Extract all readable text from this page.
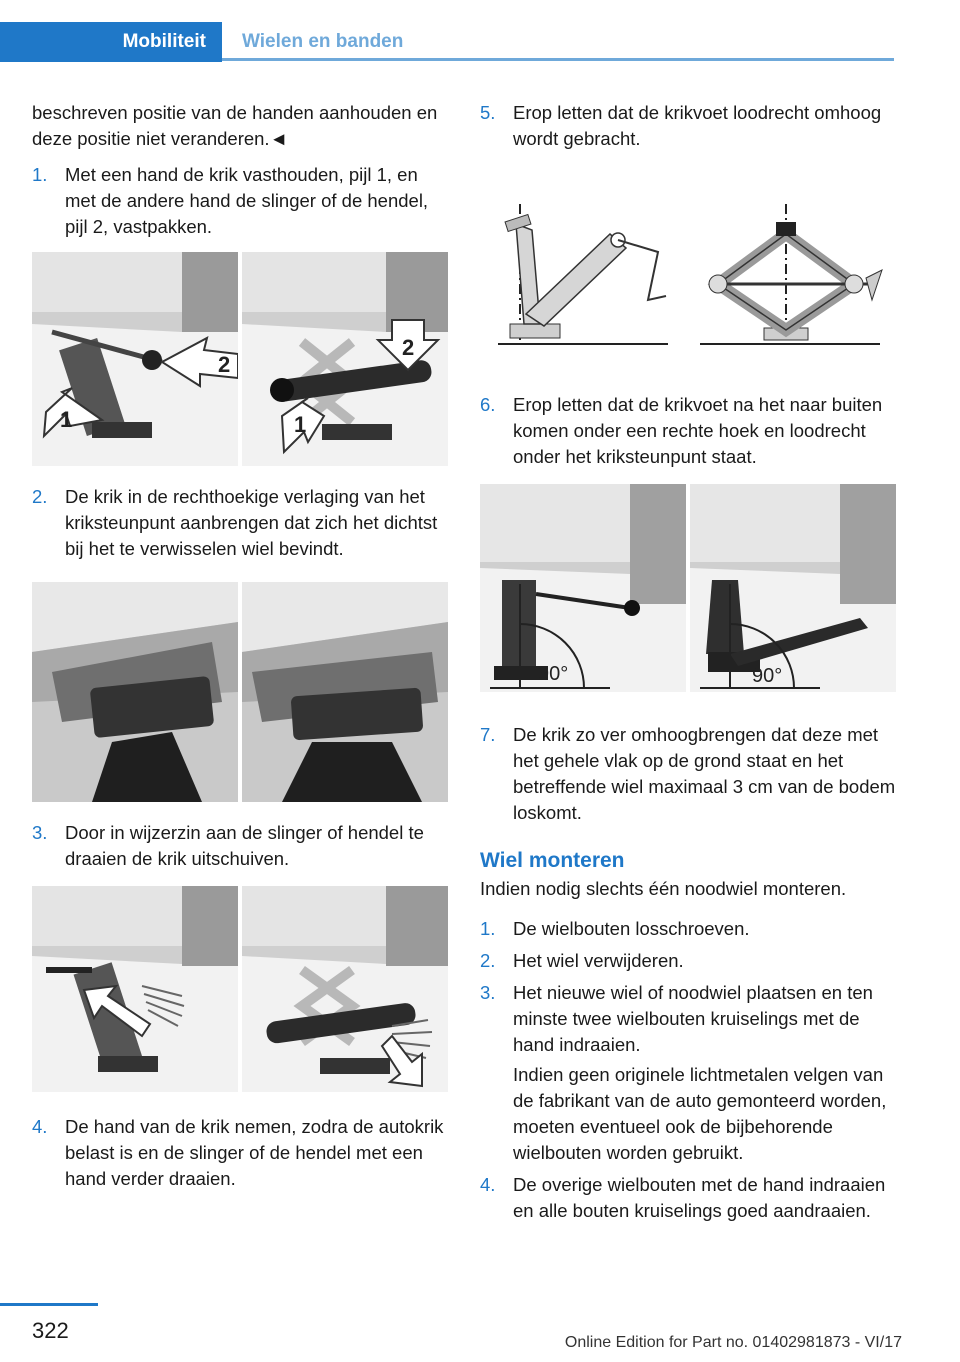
Mobiliteit	Wielen en banden

beschreven positie van de handen aanhouden en deze positie niet veranderen.◄

1. Met een hand de krik vasthouden, pijl 1, en met de andere hand de slinger of de hendel, pijl 2, vastpakken.
2
1
2
1
2. De krik in de rechthoekige verlaging van het kriksteunpunt aanbrengen dat zich het dichtst bij het te verwisselen wiel bevindt.
3. Door in wijzerzin aan de slinger of hendel te draaien de krik uitschuiven.
4. De hand van de krik nemen, zodra de autokrik belast is en de slinger of de hendel met een hand verder draaien.
5. Erop letten dat de krikvoet loodrecht omhoog wordt gebracht.
6. Erop letten dat de krikvoet na het naar buiten komen onder een rechte hoek en loodrecht onder het kriksteunpunt staat.
90°	90°
7. De krik zo ver omhoogbrengen dat deze met het gehele vlak op de grond staat en het betreffende wiel maximaal 3 cm van de bodem loskomt.
Wiel monteren

Indien nodig slechts één noodwiel monteren.

1. De wielbouten losschroeven.
2. Het wiel verwijderen.
3. Het nieuwe wiel of noodwiel plaatsen en ten minste twee wielbouten kruiselings met de hand indraaien.

Indien geen originele lichtmetalen velgen van de fabrikant van de auto gemonteerd worden, moeten eventueel ook de bijbehorende wielbouten worden gebruikt.

4. De overige wielbouten met de hand indraaien en alle bouten kruiselings goed aandraaien.
322	Online Edition for Part no. 01402981873 - VI/17
